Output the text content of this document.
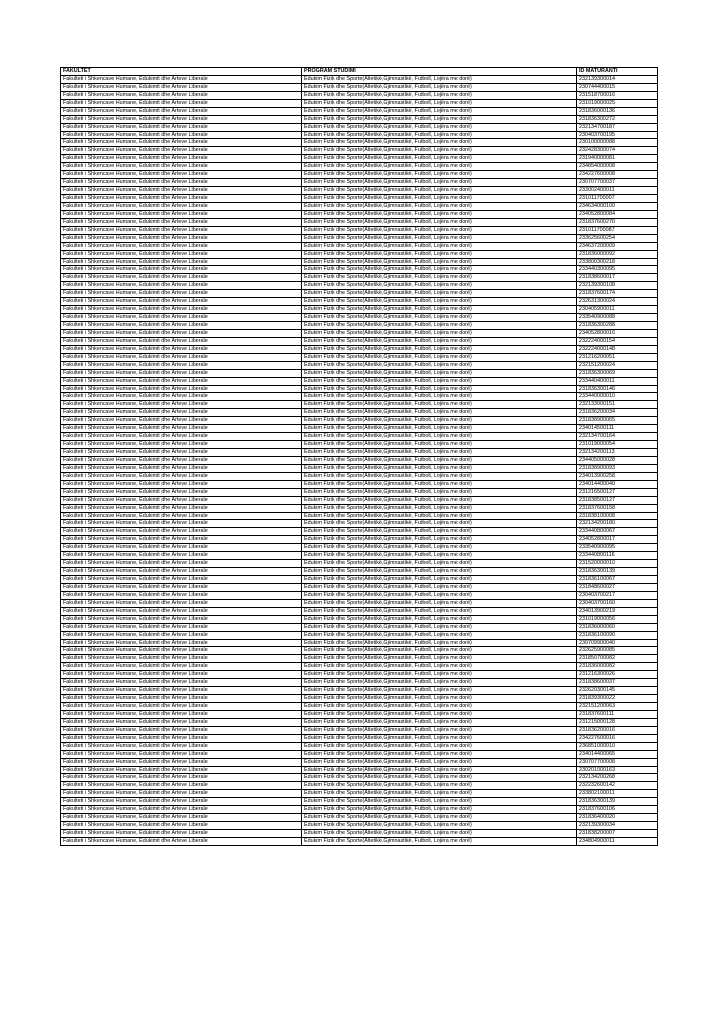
FAKULTET	PROGRAM STUDIMI	ID MATURANTI
Fakulteti i Shkencave Humane, Edukimit dhe Arteve Liberale	Edukim Fizik dhe Sporte(Atletikë,Gjimnastikë, Futboll, Lojëra me dorë)	232139300014
Fakulteti i Shkencave Humane, Edukimit dhe Arteve Liberale	Edukim Fizik dhe Sporte(Atletikë,Gjimnastikë, Futboll, Lojëra me dorë)	230744400015
Fakulteti i Shkencave Humane, Edukimit dhe Arteve Liberale	Edukim Fizik dhe Sporte(Atletikë,Gjimnastikë, Futboll, Lojëra me dorë)	231518700016
Fakulteti i Shkencave Humane, Edukimit dhe Arteve Liberale	Edukim Fizik dhe Sporte(Atletikë,Gjimnastikë, Futboll, Lojëra me dorë)	231019000025
Fakulteti i Shkencave Humane, Edukimit dhe Arteve Liberale	Edukim Fizik dhe Sporte(Atletikë,Gjimnastikë, Futboll, Lojëra me dorë)	231836000136
Fakulteti i Shkencave Humane, Edukimit dhe Arteve Liberale	Edukim Fizik dhe Sporte(Atletikë,Gjimnastikë, Futboll, Lojëra me dorë)	231836300272
Fakulteti i Shkencave Humane, Edukimit dhe Arteve Liberale	Edukim Fizik dhe Sporte(Atletikë,Gjimnastikë, Futboll, Lojëra me dorë)	232134700187
Fakulteti i Shkencave Humane, Edukimit dhe Arteve Liberale	Edukim Fizik dhe Sporte(Atletikë,Gjimnastikë, Futboll, Lojëra me dorë)	230403700195
Fakulteti i Shkencave Humane, Edukimit dhe Arteve Liberale	Edukim Fizik dhe Sporte(Atletikë,Gjimnastikë, Futboll, Lojëra me dorë)	230100000088
Fakulteti i Shkencave Humane, Edukimit dhe Arteve Liberale	Edukim Fizik dhe Sporte(Atletikë,Gjimnastikë, Futboll, Lojëra me dorë)	232428300074
Fakulteti i Shkencave Humane, Edukimit dhe Arteve Liberale	Edukim Fizik dhe Sporte(Atletikë,Gjimnastikë, Futboll, Lojëra me dorë)	231940000081
Fakulteti i Shkencave Humane, Edukimit dhe Arteve Liberale	Edukim Fizik dhe Sporte(Atletikë,Gjimnastikë, Futboll, Lojëra me dorë)	234854000008
Fakulteti i Shkencave Humane, Edukimit dhe Arteve Liberale	Edukim Fizik dhe Sporte(Atletikë,Gjimnastikë, Futboll, Lojëra me dorë)	234227600008
Fakulteti i Shkencave Humane, Edukimit dhe Arteve Liberale	Edukim Fizik dhe Sporte(Atletikë,Gjimnastikë, Futboll, Lojëra me dorë)	230707700037
Fakulteti i Shkencave Humane, Edukimit dhe Arteve Liberale	Edukim Fizik dhe Sporte(Atletikë,Gjimnastikë, Futboll, Lojëra me dorë)	233002400011
Fakulteti i Shkencave Humane, Edukimit dhe Arteve Liberale	Edukim Fizik dhe Sporte(Atletikë,Gjimnastikë, Futboll, Lojëra me dorë)	231011700007
Fakulteti i Shkencave Humane, Edukimit dhe Arteve Liberale	Edukim Fizik dhe Sporte(Atletikë,Gjimnastikë, Futboll, Lojëra me dorë)	234634000100
Fakulteti i Shkencave Humane, Edukimit dhe Arteve Liberale	Edukim Fizik dhe Sporte(Atletikë,Gjimnastikë, Futboll, Lojëra me dorë)	234052800084
Fakulteti i Shkencave Humane, Edukimit dhe Arteve Liberale	Edukim Fizik dhe Sporte(Atletikë,Gjimnastikë, Futboll, Lojëra me dorë)	231837600270
Fakulteti i Shkencave Humane, Edukimit dhe Arteve Liberale	Edukim Fizik dhe Sporte(Atletikë,Gjimnastikë, Futboll, Lojëra me dorë)	231011700087
Fakulteti i Shkencave Humane, Edukimit dhe Arteve Liberale	Edukim Fizik dhe Sporte(Atletikë,Gjimnastikë, Futboll, Lojëra me dorë)	233625600254
Fakulteti i Shkencave Humane, Edukimit dhe Arteve Liberale	Edukim Fizik dhe Sporte(Atletikë,Gjimnastikë, Futboll, Lojëra me dorë)	234637200009
Fakulteti i Shkencave Humane, Edukimit dhe Arteve Liberale	Edukim Fizik dhe Sporte(Atletikë,Gjimnastikë, Futboll, Lojëra me dorë)	231836000092
Fakulteti i Shkencave Humane, Edukimit dhe Arteve Liberale	Edukim Fizik dhe Sporte(Atletikë,Gjimnastikë, Futboll, Lojëra me dorë)	233800300218
Fakulteti i Shkencave Humane, Edukimit dhe Arteve Liberale	Edukim Fizik dhe Sporte(Atletikë,Gjimnastikë, Futboll, Lojëra me dorë)	233440300095
Fakulteti i Shkencave Humane, Edukimit dhe Arteve Liberale	Edukim Fizik dhe Sporte(Atletikë,Gjimnastikë, Futboll, Lojëra me dorë)	231838600017
Fakulteti i Shkencave Humane, Edukimit dhe Arteve Liberale	Edukim Fizik dhe Sporte(Atletikë,Gjimnastikë, Futboll, Lojëra me dorë)	232139300108
Fakulteti i Shkencave Humane, Edukimit dhe Arteve Liberale	Edukim Fizik dhe Sporte(Atletikë,Gjimnastikë, Futboll, Lojëra me dorë)	231837600174
Fakulteti i Shkencave Humane, Edukimit dhe Arteve Liberale	Edukim Fizik dhe Sporte(Atletikë,Gjimnastikë, Futboll, Lojëra me dorë)	232631300024
Fakulteti i Shkencave Humane, Edukimit dhe Arteve Liberale	Edukim Fizik dhe Sporte(Atletikë,Gjimnastikë, Futboll, Lojëra me dorë)	230405900011
Fakulteti i Shkencave Humane, Edukimit dhe Arteve Liberale	Edukim Fizik dhe Sporte(Atletikë,Gjimnastikë, Futboll, Lojëra me dorë)	233540900088
Fakulteti i Shkencave Humane, Edukimit dhe Arteve Liberale	Edukim Fizik dhe Sporte(Atletikë,Gjimnastikë, Futboll, Lojëra me dorë)	231836300288
Fakulteti i Shkencave Humane, Edukimit dhe Arteve Liberale	Edukim Fizik dhe Sporte(Atletikë,Gjimnastikë, Futboll, Lojëra me dorë)	234052800016
Fakulteti i Shkencave Humane, Edukimit dhe Arteve Liberale	Edukim Fizik dhe Sporte(Atletikë,Gjimnastikë, Futboll, Lojëra me dorë)	232224000154
Fakulteti i Shkencave Humane, Edukimit dhe Arteve Liberale	Edukim Fizik dhe Sporte(Atletikë,Gjimnastikë, Futboll, Lojëra me dorë)	232224000148
Fakulteti i Shkencave Humane, Edukimit dhe Arteve Liberale	Edukim Fizik dhe Sporte(Atletikë,Gjimnastikë, Futboll, Lojëra me dorë)	231216200051
Fakulteti i Shkencave Humane, Edukimit dhe Arteve Liberale	Edukim Fizik dhe Sporte(Atletikë,Gjimnastikë, Futboll, Lojëra me dorë)	232151200024
Fakulteti i Shkencave Humane, Edukimit dhe Arteve Liberale	Edukim Fizik dhe Sporte(Atletikë,Gjimnastikë, Futboll, Lojëra me dorë)	231836300069
Fakulteti i Shkencave Humane, Edukimit dhe Arteve Liberale	Edukim Fizik dhe Sporte(Atletikë,Gjimnastikë, Futboll, Lojëra me dorë)	233440400011
Fakulteti i Shkencave Humane, Edukimit dhe Arteve Liberale	Edukim Fizik dhe Sporte(Atletikë,Gjimnastikë, Futboll, Lojëra me dorë)	231836300146
Fakulteti i Shkencave Humane, Edukimit dhe Arteve Liberale	Edukim Fizik dhe Sporte(Atletikë,Gjimnastikë, Futboll, Lojëra me dorë)	233440000010
Fakulteti i Shkencave Humane, Edukimit dhe Arteve Liberale	Edukim Fizik dhe Sporte(Atletikë,Gjimnastikë, Futboll, Lojëra me dorë)	232133000151
Fakulteti i Shkencave Humane, Edukimit dhe Arteve Liberale	Edukim Fizik dhe Sporte(Atletikë,Gjimnastikë, Futboll, Lojëra me dorë)	231836200034
Fakulteti i Shkencave Humane, Edukimit dhe Arteve Liberale	Edukim Fizik dhe Sporte(Atletikë,Gjimnastikë, Futboll, Lojëra me dorë)	231838900065
Fakulteti i Shkencave Humane, Edukimit dhe Arteve Liberale	Edukim Fizik dhe Sporte(Atletikë,Gjimnastikë, Futboll, Lojëra me dorë)	234014500111
Fakulteti i Shkencave Humane, Edukimit dhe Arteve Liberale	Edukim Fizik dhe Sporte(Atletikë,Gjimnastikë, Futboll, Lojëra me dorë)	232134700164
Fakulteti i Shkencave Humane, Edukimit dhe Arteve Liberale	Edukim Fizik dhe Sporte(Atletikë,Gjimnastikë, Futboll, Lojëra me dorë)	231019000054
Fakulteti i Shkencave Humane, Edukimit dhe Arteve Liberale	Edukim Fizik dhe Sporte(Atletikë,Gjimnastikë, Futboll, Lojëra me dorë)	232134200113
Fakulteti i Shkencave Humane, Edukimit dhe Arteve Liberale	Edukim Fizik dhe Sporte(Atletikë,Gjimnastikë, Futboll, Lojëra me dorë)	234405000028
Fakulteti i Shkencave Humane, Edukimit dhe Arteve Liberale	Edukim Fizik dhe Sporte(Atletikë,Gjimnastikë, Futboll, Lojëra me dorë)	231838900093
Fakulteti i Shkencave Humane, Edukimit dhe Arteve Liberale	Edukim Fizik dhe Sporte(Atletikë,Gjimnastikë, Futboll, Lojëra me dorë)	234013900258
Fakulteti i Shkencave Humane, Edukimit dhe Arteve Liberale	Edukim Fizik dhe Sporte(Atletikë,Gjimnastikë, Futboll, Lojëra me dorë)	234014400040
Fakulteti i Shkencave Humane, Edukimit dhe Arteve Liberale	Edukim Fizik dhe Sporte(Atletikë,Gjimnastikë, Futboll, Lojëra me dorë)	231216500127
Fakulteti i Shkencave Humane, Edukimit dhe Arteve Liberale	Edukim Fizik dhe Sporte(Atletikë,Gjimnastikë, Futboll, Lojëra me dorë)	231838500127
Fakulteti i Shkencave Humane, Edukimit dhe Arteve Liberale	Edukim Fizik dhe Sporte(Atletikë,Gjimnastikë, Futboll, Lojëra me dorë)	231837600158
Fakulteti i Shkencave Humane, Edukimit dhe Arteve Liberale	Edukim Fizik dhe Sporte(Atletikë,Gjimnastikë, Futboll, Lojëra me dorë)	231838100008
Fakulteti i Shkencave Humane, Edukimit dhe Arteve Liberale	Edukim Fizik dhe Sporte(Atletikë,Gjimnastikë, Futboll, Lojëra me dorë)	232134200180
Fakulteti i Shkencave Humane, Edukimit dhe Arteve Liberale	Edukim Fizik dhe Sporte(Atletikë,Gjimnastikë, Futboll, Lojëra me dorë)	233440800067
Fakulteti i Shkencave Humane, Edukimit dhe Arteve Liberale	Edukim Fizik dhe Sporte(Atletikë,Gjimnastikë, Futboll, Lojëra me dorë)	234052800017
Fakulteti i Shkencave Humane, Edukimit dhe Arteve Liberale	Edukim Fizik dhe Sporte(Atletikë,Gjimnastikë, Futboll, Lojëra me dorë)	233540900095
Fakulteti i Shkencave Humane, Edukimit dhe Arteve Liberale	Edukim Fizik dhe Sporte(Atletikë,Gjimnastikë, Futboll, Lojëra me dorë)	233440800116
Fakulteti i Shkencave Humane, Edukimit dhe Arteve Liberale	Edukim Fizik dhe Sporte(Atletikë,Gjimnastikë, Futboll, Lojëra me dorë)	231520000010
Fakulteti i Shkencave Humane, Edukimit dhe Arteve Liberale	Edukim Fizik dhe Sporte(Atletikë,Gjimnastikë, Futboll, Lojëra me dorë)	231836300139
Fakulteti i Shkencave Humane, Edukimit dhe Arteve Liberale	Edukim Fizik dhe Sporte(Atletikë,Gjimnastikë, Futboll, Lojëra me dorë)	231836100067
Fakulteti i Shkencave Humane, Edukimit dhe Arteve Liberale	Edukim Fizik dhe Sporte(Atletikë,Gjimnastikë, Futboll, Lojëra me dorë)	231848600027
Fakulteti i Shkencave Humane, Edukimit dhe Arteve Liberale	Edukim Fizik dhe Sporte(Atletikë,Gjimnastikë, Futboll, Lojëra me dorë)	230403700217
Fakulteti i Shkencave Humane, Edukimit dhe Arteve Liberale	Edukim Fizik dhe Sporte(Atletikë,Gjimnastikë, Futboll, Lojëra me dorë)	230403700160
Fakulteti i Shkencave Humane, Edukimit dhe Arteve Liberale	Edukim Fizik dhe Sporte(Atletikë,Gjimnastikë, Futboll, Lojëra me dorë)	234013900219
Fakulteti i Shkencave Humane, Edukimit dhe Arteve Liberale	Edukim Fizik dhe Sporte(Atletikë,Gjimnastikë, Futboll, Lojëra me dorë)	231019000056
Fakulteti i Shkencave Humane, Edukimit dhe Arteve Liberale	Edukim Fizik dhe Sporte(Atletikë,Gjimnastikë, Futboll, Lojëra me dorë)	231836000060
Fakulteti i Shkencave Humane, Edukimit dhe Arteve Liberale	Edukim Fizik dhe Sporte(Atletikë,Gjimnastikë, Futboll, Lojëra me dorë)	231836100090
Fakulteti i Shkencave Humane, Edukimit dhe Arteve Liberale	Edukim Fizik dhe Sporte(Atletikë,Gjimnastikë, Futboll, Lojëra me dorë)	230709900040
Fakulteti i Shkencave Humane, Edukimit dhe Arteve Liberale	Edukim Fizik dhe Sporte(Atletikë,Gjimnastikë, Futboll, Lojëra me dorë)	232625900085
Fakulteti i Shkencave Humane, Edukimit dhe Arteve Liberale	Edukim Fizik dhe Sporte(Atletikë,Gjimnastikë, Futboll, Lojëra me dorë)	231850700082
Fakulteti i Shkencave Humane, Edukimit dhe Arteve Liberale	Edukim Fizik dhe Sporte(Atletikë,Gjimnastikë, Futboll, Lojëra me dorë)	231836000082
Fakulteti i Shkencave Humane, Edukimit dhe Arteve Liberale	Edukim Fizik dhe Sporte(Atletikë,Gjimnastikë, Futboll, Lojëra me dorë)	231216300026
Fakulteti i Shkencave Humane, Edukimit dhe Arteve Liberale	Edukim Fizik dhe Sporte(Atletikë,Gjimnastikë, Futboll, Lojëra me dorë)	231838600037
Fakulteti i Shkencave Humane, Edukimit dhe Arteve Liberale	Edukim Fizik dhe Sporte(Atletikë,Gjimnastikë, Futboll, Lojëra me dorë)	232620300145
Fakulteti i Shkencave Humane, Edukimit dhe Arteve Liberale	Edukim Fizik dhe Sporte(Atletikë,Gjimnastikë, Futboll, Lojëra me dorë)	231839300022
Fakulteti i Shkencave Humane, Edukimit dhe Arteve Liberale	Edukim Fizik dhe Sporte(Atletikë,Gjimnastikë, Futboll, Lojëra me dorë)	232151200063
Fakulteti i Shkencave Humane, Edukimit dhe Arteve Liberale	Edukim Fizik dhe Sporte(Atletikë,Gjimnastikë, Futboll, Lojëra me dorë)	231837600111
Fakulteti i Shkencave Humane, Edukimit dhe Arteve Liberale	Edukim Fizik dhe Sporte(Atletikë,Gjimnastikë, Futboll, Lojëra me dorë)	231215000128
Fakulteti i Shkencave Humane, Edukimit dhe Arteve Liberale	Edukim Fizik dhe Sporte(Atletikë,Gjimnastikë, Futboll, Lojëra me dorë)	231836200016
Fakulteti i Shkencave Humane, Edukimit dhe Arteve Liberale	Edukim Fizik dhe Sporte(Atletikë,Gjimnastikë, Futboll, Lojëra me dorë)	234227600016
Fakulteti i Shkencave Humane, Edukimit dhe Arteve Liberale	Edukim Fizik dhe Sporte(Atletikë,Gjimnastikë, Futboll, Lojëra me dorë)	236851000010
Fakulteti i Shkencave Humane, Edukimit dhe Arteve Liberale	Edukim Fizik dhe Sporte(Atletikë,Gjimnastikë, Futboll, Lojëra me dorë)	234014400065
Fakulteti i Shkencave Humane, Edukimit dhe Arteve Liberale	Edukim Fizik dhe Sporte(Atletikë,Gjimnastikë, Futboll, Lojëra me dorë)	230707700008
Fakulteti i Shkencave Humane, Edukimit dhe Arteve Liberale	Edukim Fizik dhe Sporte(Atletikë,Gjimnastikë, Futboll, Lojëra me dorë)	230201000163
Fakulteti i Shkencave Humane, Edukimit dhe Arteve Liberale	Edukim Fizik dhe Sporte(Atletikë,Gjimnastikë, Futboll, Lojëra me dorë)	232134200268
Fakulteti i Shkencave Humane, Edukimit dhe Arteve Liberale	Edukim Fizik dhe Sporte(Atletikë,Gjimnastikë, Futboll, Lojëra me dorë)	232232600142
Fakulteti i Shkencave Humane, Edukimit dhe Arteve Liberale	Edukim Fizik dhe Sporte(Atletikë,Gjimnastikë, Futboll, Lojëra me dorë)	233802100011
Fakulteti i Shkencave Humane, Edukimit dhe Arteve Liberale	Edukim Fizik dhe Sporte(Atletikë,Gjimnastikë, Futboll, Lojëra me dorë)	231836300139
Fakulteti i Shkencave Humane, Edukimit dhe Arteve Liberale	Edukim Fizik dhe Sporte(Atletikë,Gjimnastikë, Futboll, Lojëra me dorë)	231837600106
Fakulteti i Shkencave Humane, Edukimit dhe Arteve Liberale	Edukim Fizik dhe Sporte(Atletikë,Gjimnastikë, Futboll, Lojëra me dorë)	231836400020
Fakulteti i Shkencave Humane, Edukimit dhe Arteve Liberale	Edukim Fizik dhe Sporte(Atletikë,Gjimnastikë, Futboll, Lojëra me dorë)	232139300034
Fakulteti i Shkencave Humane, Edukimit dhe Arteve Liberale	Edukim Fizik dhe Sporte(Atletikë,Gjimnastikë, Futboll, Lojëra me dorë)	231838200007
Fakulteti i Shkencave Humane, Edukimit dhe Arteve Liberale	Edukim Fizik dhe Sporte(Atletikë,Gjimnastikë, Futboll, Lojëra me dorë)	234804900011
